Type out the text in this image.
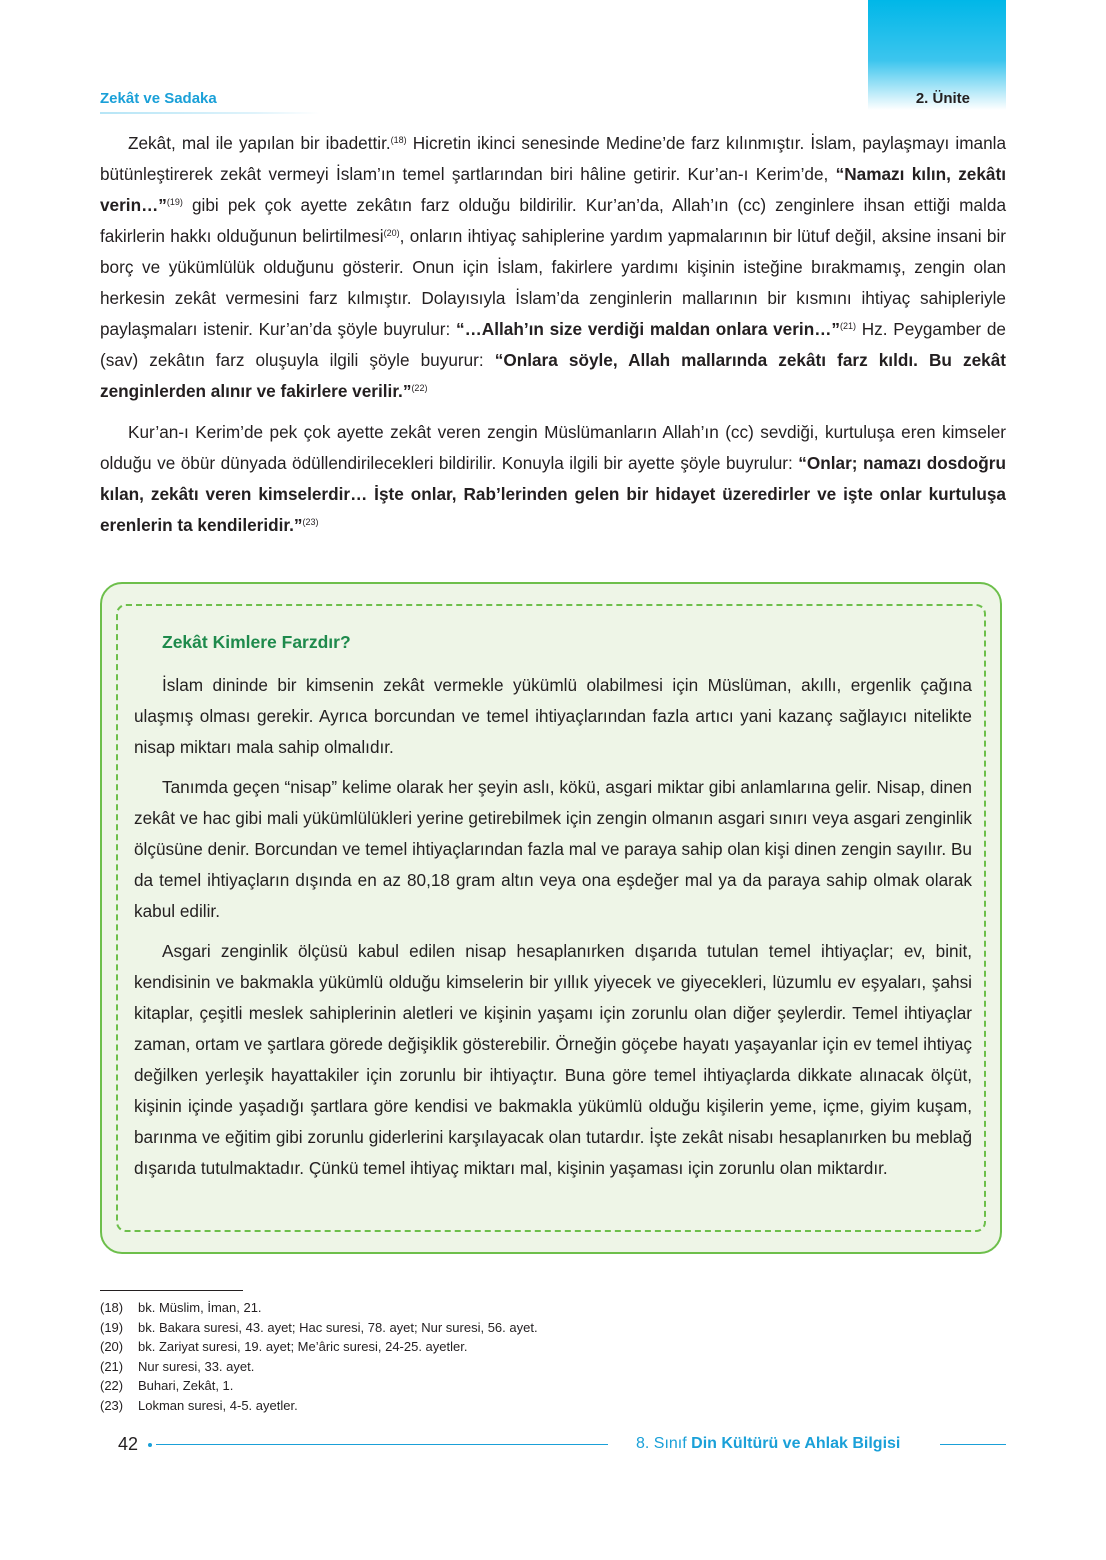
2. Ünite
Zekât ve Sadaka

Zekât, mal ile yapılan bir ibadettir.$^{(18)}$ Hicretin ikinci senesinde Medine’de farz kılınmıştır. İslam, paylaşmayı imanla bütünleştirerek zekât vermeyi İslam’ın temel şartlarından biri hâline getirir. Kur’an-ı Kerim’de, “Namazı kılın, zekâtı verin…”$^{(19)}$ gibi pek çok ayette zekâtın farz olduğu bildirilir. Kur’an’da, Allah’ın (cc) zenginlere ihsan ettiği malda fakirlerin hakkı olduğunun belirtilmesi$^{(20)}$, onların ihtiyaç sahiplerine yardım yapmalarının bir lütuf değil, aksine insani bir borç ve yükümlülük olduğunu gösterir. Onun için İslam, fakirlere yardımı kişinin isteğine bırakmamış, zengin olan herkesin zekât vermesini farz kılmıştır. Dolayısıyla İslam’da zenginlerin mallarının bir kısmını ihtiyaç sahipleriyle paylaşmaları istenir. Kur’an’da şöyle buyrulur: “…Allah’ın size verdiği maldan onlara verin…”$^{(21)}$ Hz. Peygamber de (sav) zekâtın farz oluşuyla ilgili şöyle buyurur: “Onlara söyle, Allah mallarında zekâtı farz kıldı. Bu zekât zenginlerden alınır ve fakirlere verilir.”$^{(22)}$

Kur’an-ı Kerim’de pek çok ayette zekât veren zengin Müslümanların Allah’ın (cc) sevdiği, kurtuluşa eren kimseler olduğu ve öbür dünyada ödüllendirilecekleri bildirilir. Konuyla ilgili bir ayette şöyle buyrulur: “Onlar; namazı dosdoğru kılan, zekâtı veren kimselerdir… İşte onlar, Rab’lerinden gelen bir hidayet üzeredirler ve işte onlar kurtuluşa erenlerin ta kendileridir.”$^{(23)}$

Zekât Kimlere Farzdır?

İslam dininde bir kimsenin zekât vermekle yükümlü olabilmesi için Müslüman, akıllı, ergenlik çağına ulaşmış olması gerekir. Ayrıca borcundan ve temel ihtiyaçlarından fazla artıcı yani kazanç sağlayıcı nitelikte nisap miktarı mala sahip olmalıdır.

Tanımda geçen “nisap” kelime olarak her şeyin aslı, kökü, asgari miktar gibi anlamlarına gelir. Nisap, dinen zekât ve hac gibi mali yükümlülükleri yerine getirebilmek için zengin olmanın asgari sınırı veya asgari zenginlik ölçüsüne denir. Borcundan ve temel ihtiyaçlarından fazla mal ve paraya sahip olan kişi dinen zengin sayılır. Bu da temel ihtiyaçların dışında en az 80,18 gram altın veya ona eşdeğer mal ya da paraya sahip olmak olarak kabul edilir.

Asgari zenginlik ölçüsü kabul edilen nisap hesaplanırken dışarıda tutulan temel ihtiyaçlar; ev, binit, kendisinin ve bakmakla yükümlü olduğu kimselerin bir yıllık yiyecek ve giyecekleri, lüzumlu ev eşyaları, şahsi kitaplar, çeşitli meslek sahiplerinin aletleri ve kişinin yaşamı için zorunlu olan diğer şeylerdir. Temel ihtiyaçlar zaman, ortam ve şartlara görede değişiklik gösterebilir. Örneğin göçebe hayatı yaşayanlar için ev temel ihtiyaç değilken yerleşik hayattakiler için zorunlu bir ihtiyaçtır. Buna göre temel ihtiyaçlarda dikkate alınacak ölçüt, kişinin içinde yaşadığı şartlara göre kendisi ve bakmakla yükümlü olduğu kişilerin yeme, içme, giyim kuşam, barınma ve eğitim gibi zorunlu giderlerini karşılayacak olan tutardır. İşte zekât nisabı hesaplanırken bu meblağ dışarıda tutulmaktadır. Çünkü temel ihtiyaç miktarı mal, kişinin yaşaması için zorunlu olan miktardır.

(18) bk. Müslim, İman, 21.
(19) bk. Bakara suresi, 43. ayet; Hac suresi, 78. ayet; Nur suresi, 56. ayet.
(20) bk. Zariyat suresi, 19. ayet; Me’âric suresi, 24-25. ayetler.
(21) Nur suresi, 33. ayet.
(22) Buhari, Zekât, 1.
(23) Lokman suresi, 4-5. ayetler.
42	8. Sınıf Din Kültürü ve Ahlak Bilgisi
